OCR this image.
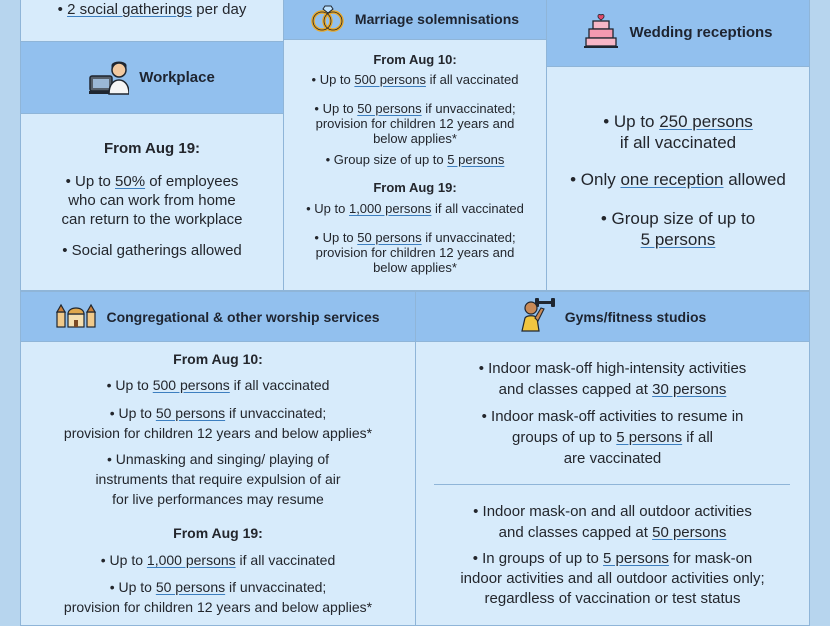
• 2 social gatherings per day
Workplace
From Aug 19:
• Up to 50% of employees
who can work from home
can return to the workplace
• Social gatherings allowed
Marriage solemnisations
From Aug 10:
• Up to 500 persons if all vaccinated
• Up to 50 persons if unvaccinated;
provision for children 12 years and
below applies*
• Group size of up to 5 persons
From Aug 19:
• Up to 1,000 persons if all vaccinated
• Up to 50 persons if unvaccinated;
provision for children 12 years and
below applies*
Wedding receptions
• Up to 250 persons
if all vaccinated
• Only one reception allowed
• Group size of up to
5 persons
Congregational & other worship services
From Aug 10:
• Up to 500 persons if all vaccinated
• Up to 50 persons if unvaccinated;
provision for children 12 years and below applies*
• Unmasking and singing/ playing of
instruments that require expulsion of air
for live performances may resume
From Aug 19:
• Up to 1,000 persons if all vaccinated
• Up to 50 persons if unvaccinated;
provision for children 12 years and below applies*
Gyms/fitness studios
• Indoor mask-off high-intensity activities
and classes capped at 30 persons
• Indoor mask-off activities to resume in
groups of up to 5 persons if all
are vaccinated
• Indoor mask-on and all outdoor activities
and classes capped at 50 persons
• In groups of up to 5 persons for mask-on
indoor activities and all outdoor activities only;
regardless of vaccination or test status
